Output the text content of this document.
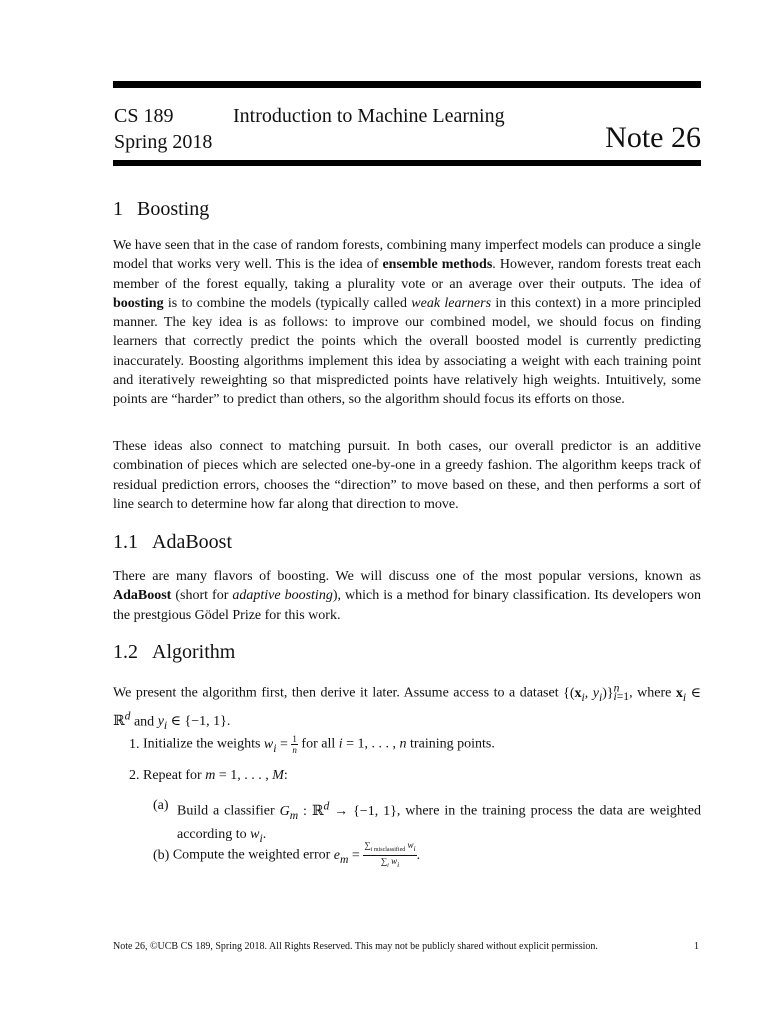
CS 189
Spring 2018
Introduction to Machine Learning
Note 26
1 Boosting

We have seen that in the case of random forests, combining many imperfect models can produce a single model that works very well. This is the idea of ensemble methods. However, random forests treat each member of the forest equally, taking a plurality vote or an average over their outputs. The idea of boosting is to combine the models (typically called weak learners in this context) in a more principled manner. The key idea is as follows: to improve our combined model, we should focus on finding learners that correctly predict the points which the overall boosted model is currently predicting inaccurately. Boosting algorithms implement this idea by associating a weight with each training point and iteratively reweighting so that mispredicted points have relatively high weights. Intuitively, some points are “harder” to predict than others, so the algorithm should focus its efforts on those.

These ideas also connect to matching pursuit. In both cases, our overall predictor is an additive combination of pieces which are selected one-by-one in a greedy fashion. The algorithm keeps track of residual prediction errors, chooses the “direction” to move based on these, and then performs a sort of line search to determine how far along that direction to move.

1.1 AdaBoost

There are many flavors of boosting. We will discuss one of the most popular versions, known as AdaBoost (short for adaptive boosting), which is a method for binary classification. Its developers won the prestgious Gödel Prize for this work.

1.2 Algorithm

We present the algorithm first, then derive it later. Assume access to a dataset {($x_i$, $y_i)\}^n_{i=1}$, where $x_i$ ∈ ℝ$^d$ and $y_i$ ∈ {−1, 1}.

1. Initialize the weights $w_i = \frac{1}{n}$ for all i = 1, . . . , n training points.
2. Repeat for m = 1, . . . , M:
(a) Build a classifier $G_m$ : ℝ$^d$ → {−1, 1}, where in the training process the data are weighted according to $w_i$.
(b) Compute the weighted error $e_m = \frac{\sum_{i misclassified} w_i}{\sum_i w_i}$ .
Note 26, ©UCB CS 189, Spring 2018. All Rights Reserved. This may not be publicly shared without explicit permission.	1
